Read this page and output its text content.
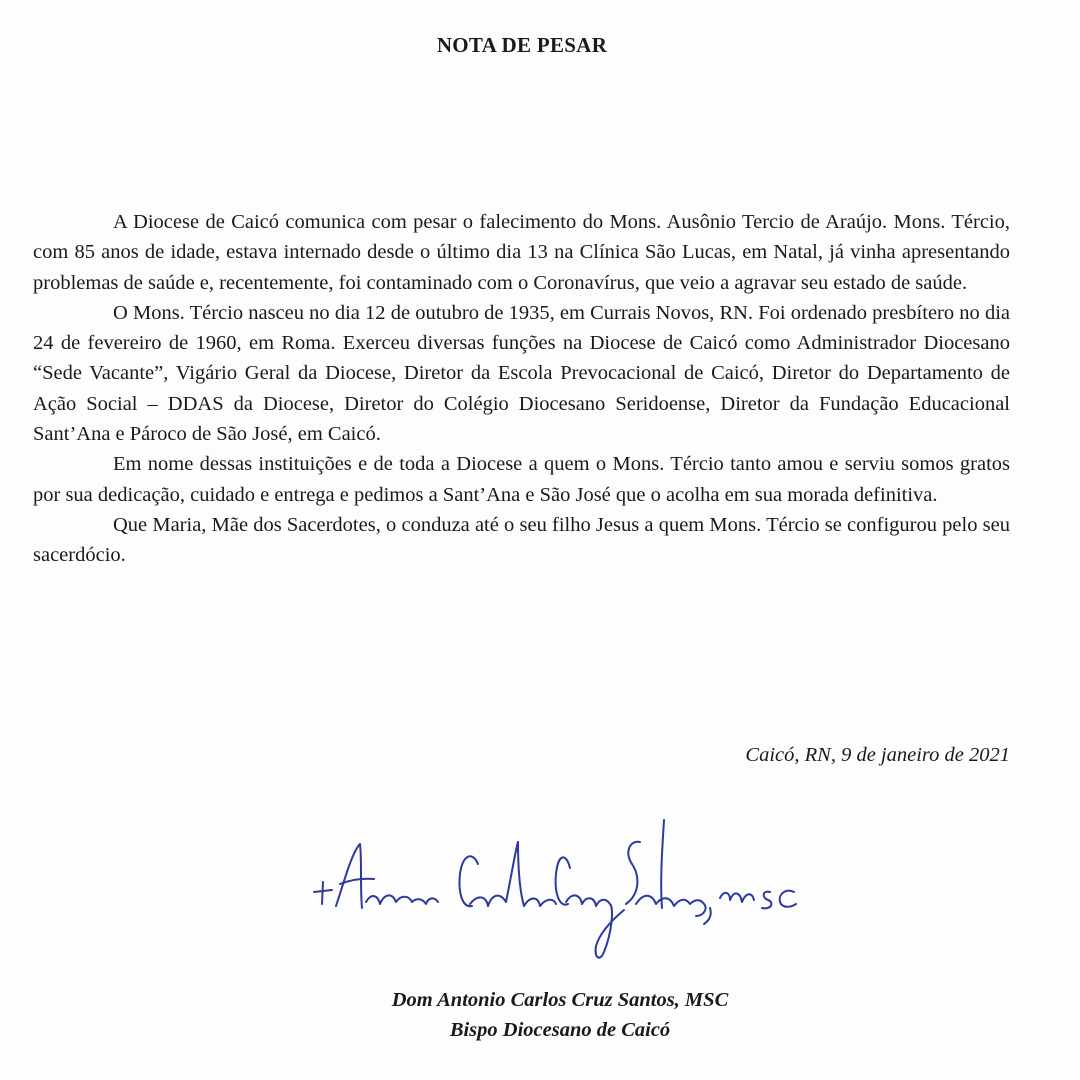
NOTA DE PESAR

A Diocese de Caicó comunica com pesar o falecimento do Mons. Ausônio Tercio de Araújo. Mons. Tércio, com 85 anos de idade, estava internado desde o último dia 13 na Clínica São Lucas, em Natal, já vinha apresentando problemas de saúde e, recentemente, foi contaminado com o Coronavírus, que veio a agravar seu estado de saúde.

O Mons. Tércio nasceu no dia 12 de outubro de 1935, em Currais Novos, RN. Foi ordenado presbítero no dia 24 de fevereiro de 1960, em Roma. Exerceu diversas funções na Diocese de Caicó como Administrador Diocesano “Sede Vacante”, Vigário Geral da Diocese, Diretor da Escola Prevocacional de Caicó, Diretor do Departamento de Ação Social – DDAS da Diocese, Diretor do Colégio Diocesano Seridoense, Diretor da Fundação Educacional Sant’Ana e Pároco de São José, em Caicó.

Em nome dessas instituições e de toda a Diocese a quem o Mons. Tércio tanto amou e serviu somos gratos por sua dedicação, cuidado e entrega e pedimos a Sant’Ana e São José que o acolha em sua morada definitiva.

Que Maria, Mãe dos Sacerdotes, o conduza até o seu filho Jesus a quem Mons. Tércio se configurou pelo seu sacerdócio.

Caicó, RN, 9 de janeiro de 2021
Dom Antonio Carlos Cruz Santos, MSC
Bispo Diocesano de Caicó
